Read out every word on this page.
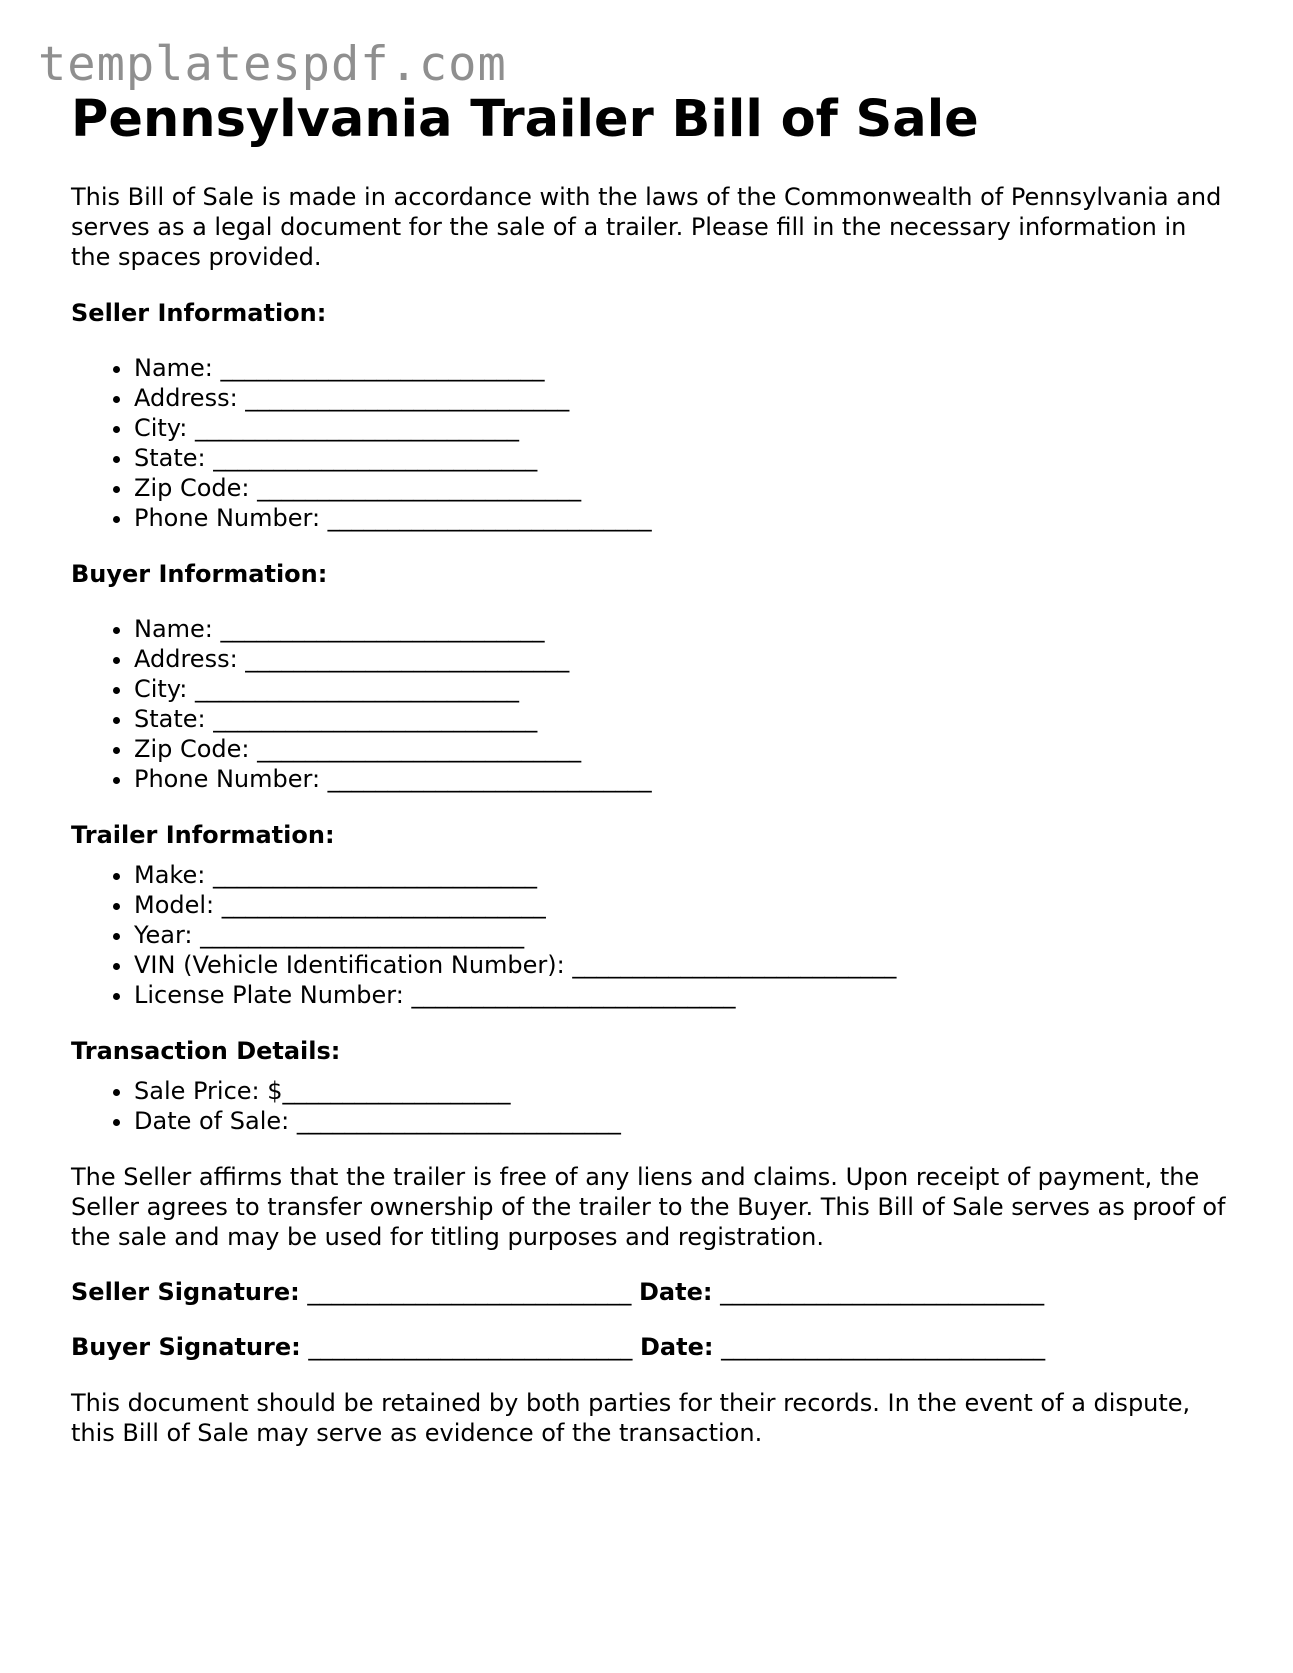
templatespdf.com
Pennsylvania Trailer Bill of Sale

This Bill of Sale is made in accordance with the laws of the Commonwealth of Pennsylvania and serves as a legal document for the sale of a trailer. Please fill in the necessary information in the spaces provided.

Seller Information:
• Name: ___________________________
• Address: ___________________________
• City: ___________________________
• State: ___________________________
• Zip Code: ___________________________
• Phone Number: ___________________________
Buyer Information:
• Name: ___________________________
• Address: ___________________________
• City: ___________________________
• State: ___________________________
• Zip Code: ___________________________
• Phone Number: ___________________________
Trailer Information:
• Make: ___________________________
• Model: ___________________________
• Year: ___________________________
• VIN (Vehicle Identification Number): ___________________________
• License Plate Number: ___________________________
Transaction Details:
• Sale Price: $___________________
• Date of Sale: ___________________________

The Seller affirms that the trailer is free of any liens and claims. Upon receipt of payment, the Seller agrees to transfer ownership of the trailer to the Buyer. This Bill of Sale serves as proof of the sale and may be used for titling purposes and registration.

Seller Signature: ___________________________ Date: ___________________________
Buyer Signature: ___________________________ Date: ___________________________

This document should be retained by both parties for their records. In the event of a dispute, this Bill of Sale may serve as evidence of the transaction.
